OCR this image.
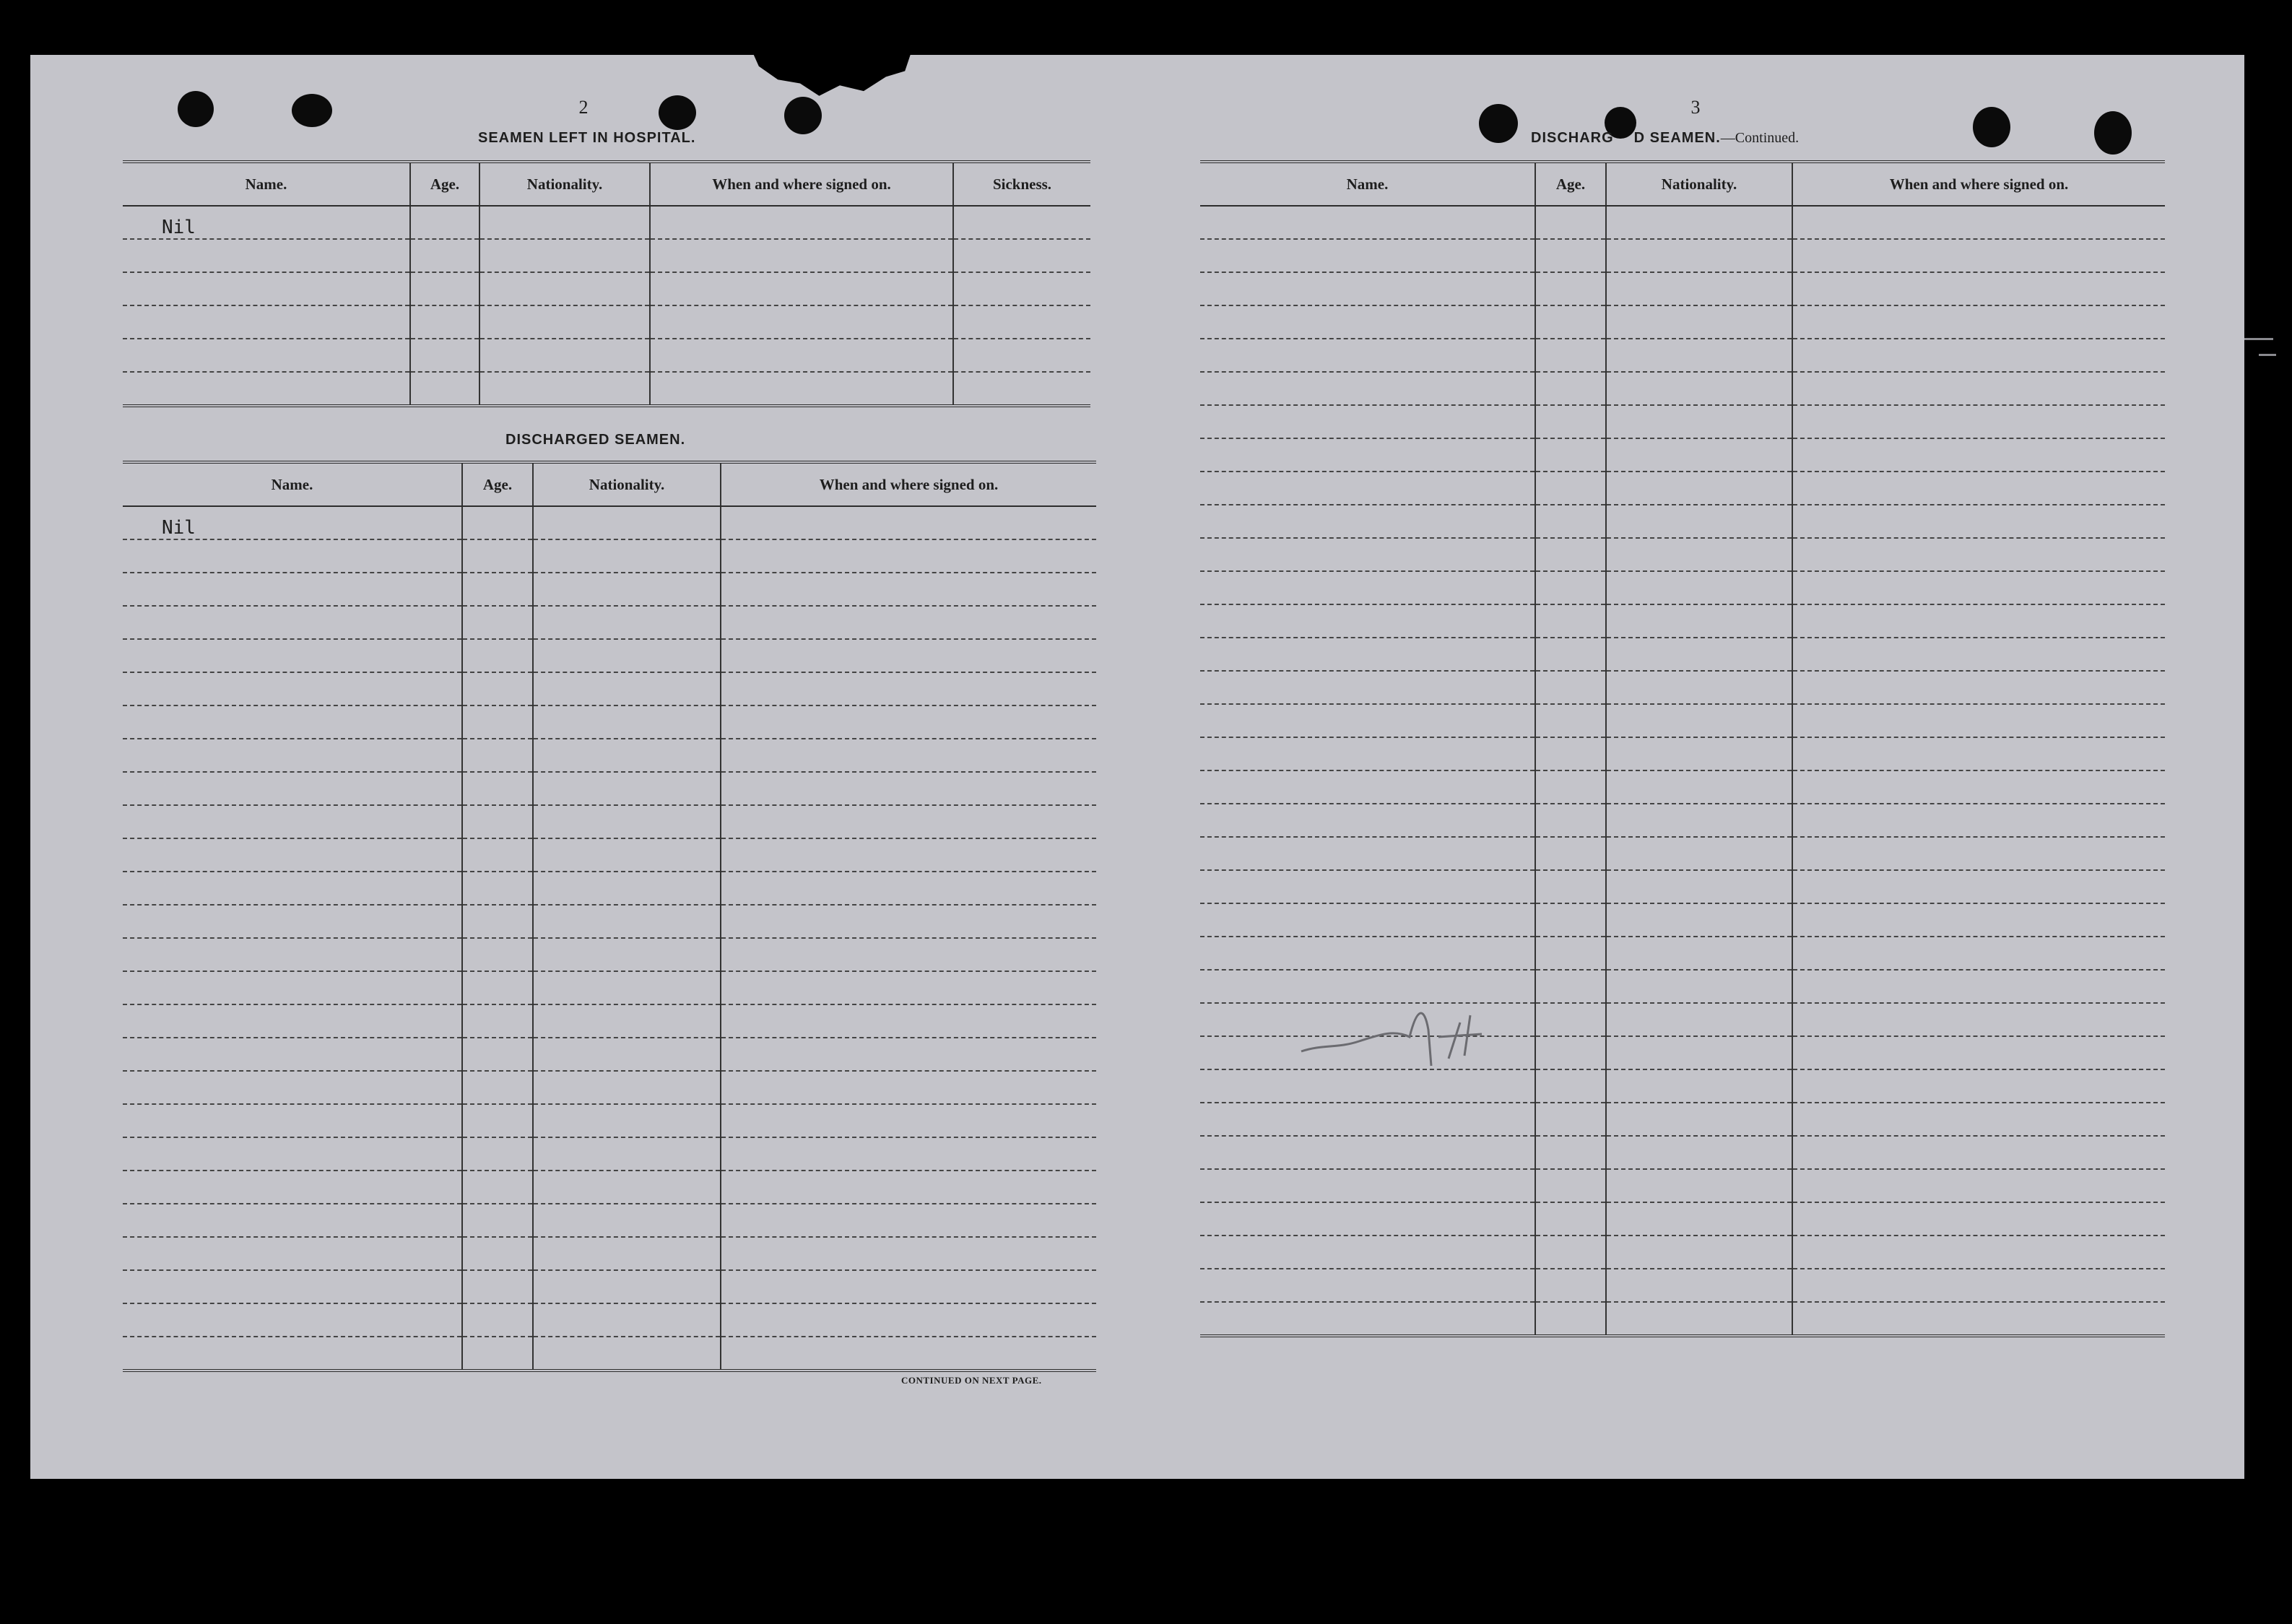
2
SEAMEN LEFT IN HOSPITAL.
Name.	Age.	Nationality.	When and where signed on.	Sickness.
Nil				

DISCHARGED SEAMEN.
Name.	Age.	Nationality.	When and where signed on.
Nil			

CONTINUED ON NEXT PAGE.
3
DISCHARG D SEAMEN.—Continued.
Name.	Age.	Nationality.	When and where signed on.
